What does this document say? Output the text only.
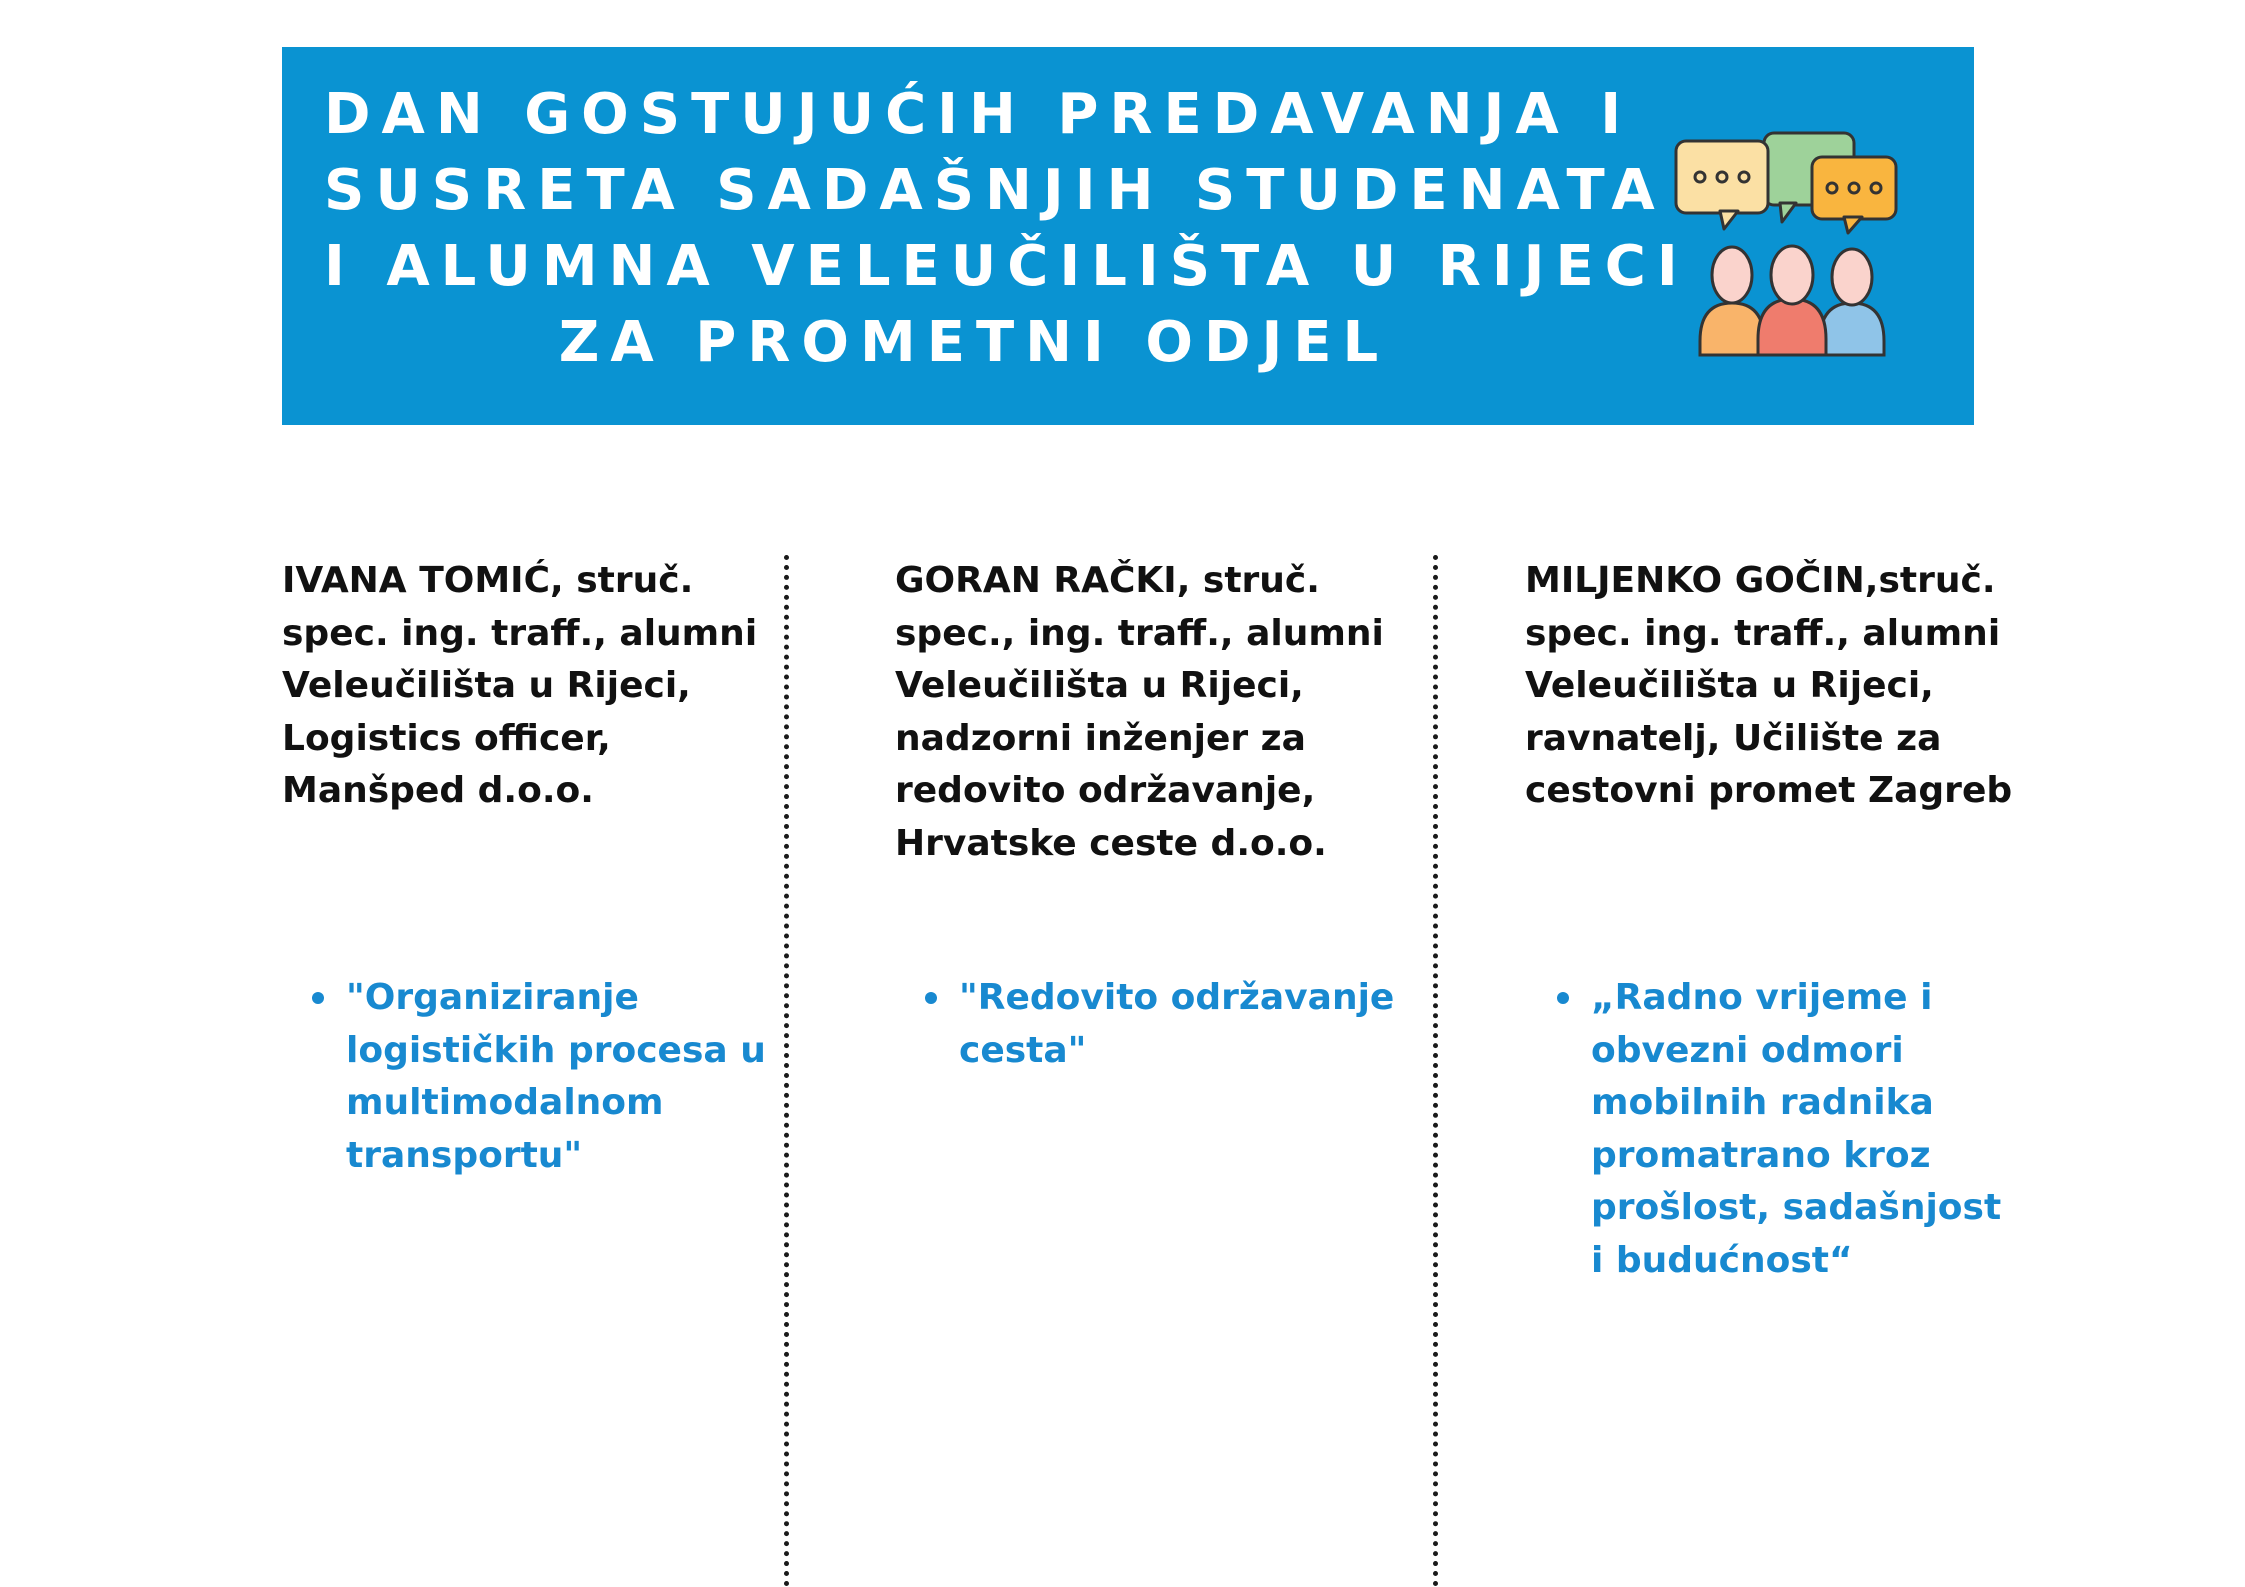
DAN GOSTUJUĆIH PREDAVANJA I
SUSRETA SADAŠNJIH STUDENATA
I ALUMNA VELEUČILIŠTA U RIJECI
ZA PROMETNI ODJEL
IVANA TOMIĆ, struč.
spec. ing. traff., alumni
Veleučilišta u Rijeci,
Logistics officer,
Manšped d.o.o.
"Organiziranje
logističkih procesa u
multimodalnom
transportu"
GORAN RAČKI, struč.
spec., ing. traff., alumni
Veleučilišta u Rijeci,
nadzorni inženjer za
redovito održavanje,
Hrvatske ceste d.o.o.
"Redovito održavanje
cesta"
MILJENKO GOČIN,struč.
spec. ing. traff., alumni
Veleučilišta u Rijeci,
ravnatelj, Učilište za
cestovni promet Zagreb
„Radno vrijeme i
obvezni odmori
mobilnih radnika
promatrano kroz
prošlost, sadašnjost
i budućnost“
